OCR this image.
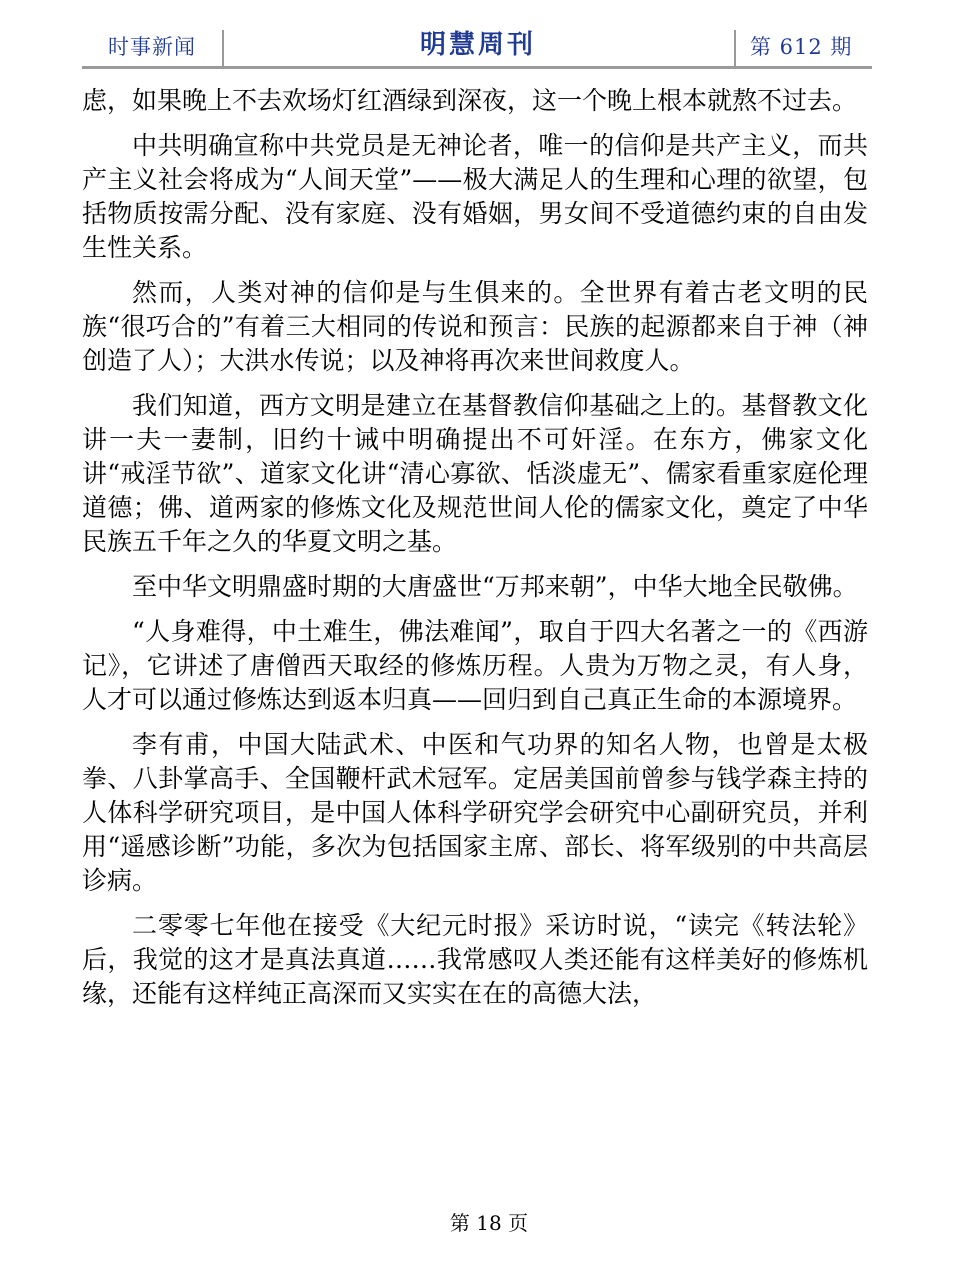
时事新闻	明慧周刊	第 612 期

虑，如果晚上不去欢场灯红酒绿到深夜，这一个晚上根本就熬不过去。

中共明确宣称中共党员是无神论者，唯一的信仰是共产主义，而共产主义社会将成为“人间天堂”——极大满足人的生理和心理的欲望，包括物质按需分配、没有家庭、没有婚姻，男女间不受道德约束的自由发生性关系。

然而，人类对神的信仰是与生俱来的。全世界有着古老文明的民族“很巧合的”有着三大相同的传说和预言：民族的起源都来自于神（神创造了人）；大洪水传说；以及神将再次来世间救度人。

我们知道，西方文明是建立在基督教信仰基础之上的。基督教文化讲一夫一妻制，旧约十诫中明确提出不可奸淫。在东方，佛家文化讲“戒淫节欲”、道家文化讲“清心寡欲、恬淡虚无”、儒家看重家庭伦理道德；佛、道两家的修炼文化及规范世间人伦的儒家文化，奠定了中华民族五千年之久的华夏文明之基。

至中华文明鼎盛时期的大唐盛世“万邦来朝”，中华大地全民敬佛。

“人身难得，中土难生，佛法难闻”，取自于四大名著之一的《西游记》，它讲述了唐僧西天取经的修炼历程。人贵为万物之灵，有人身，人才可以通过修炼达到返本归真——回归到自己真正生命的本源境界。

李有甫，中国大陆武术、中医和气功界的知名人物，也曾是太极拳、八卦掌高手、全国鞭杆武术冠军。定居美国前曾参与钱学森主持的人体科学研究项目，是中国人体科学研究学会研究中心副研究员，并利用“遥感诊断”功能，多次为包括国家主席、部长、将军级别的中共高层诊病。

二零零七年他在接受《大纪元时报》采访时说，“读完《转法轮》后，我觉的这才是真法真道……我常感叹人类还能有这样美好的修炼机缘，还能有这样纯正高深而又实实在在的高德大法，

第 18 页
